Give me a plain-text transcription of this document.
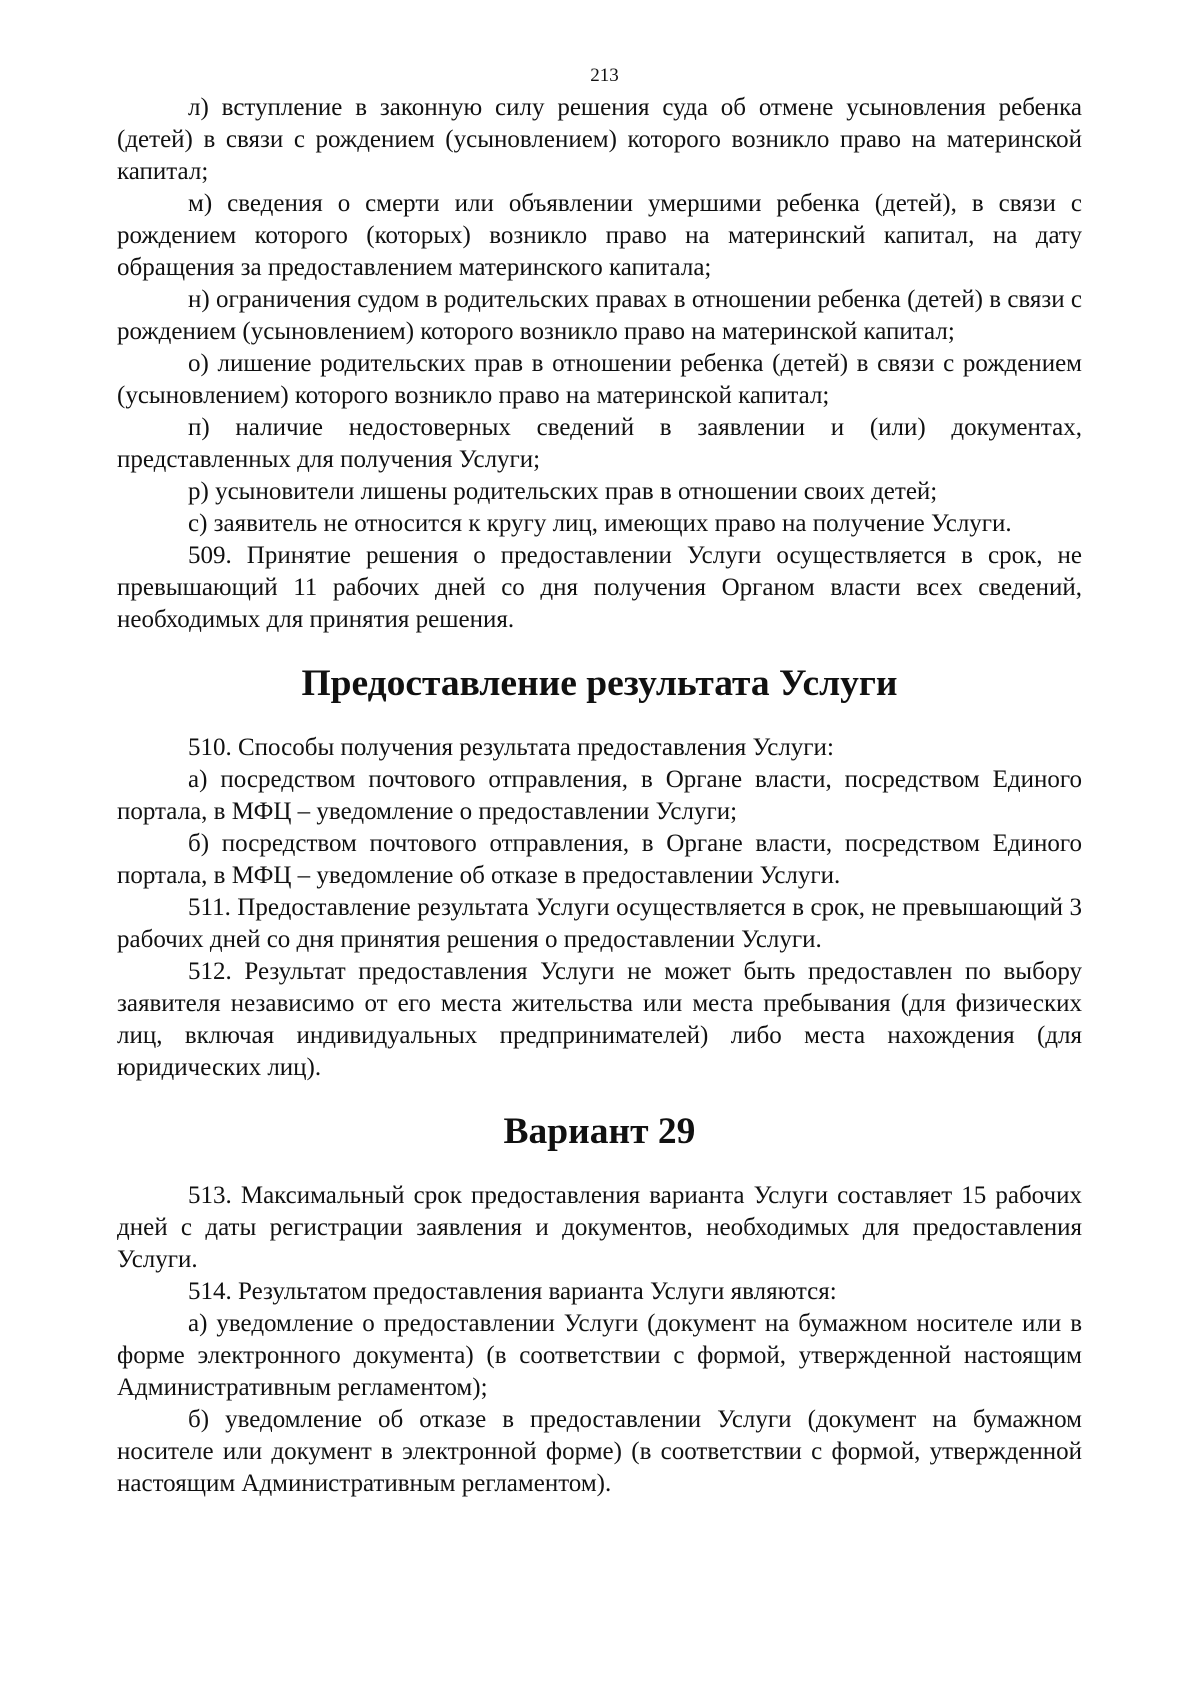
213

л) вступление в законную силу решения суда об отмене усыновления ребенка (детей) в связи с рождением (усыновлением) которого возникло право на материнской капитал;

м) сведения о смерти или объявлении умершими ребенка (детей), в связи с рождением которого (которых) возникло право на материнский капитал, на дату обращения за предоставлением материнского капитала;

н) ограничения судом в родительских правах в отношении ребенка (детей) в связи с рождением (усыновлением) которого возникло право на материнской капитал;

о) лишение родительских прав в отношении ребенка (детей) в связи с рождением (усыновлением) которого возникло право на материнской капитал;

п) наличие недостоверных сведений в заявлении и (или) документах, представленных для получения Услуги;

р) усыновители лишены родительских прав в отношении своих детей;

с) заявитель не относится к кругу лиц, имеющих право на получение Услуги.

509. Принятие решения о предоставлении Услуги осуществляется в срок, не превышающий 11 рабочих дней со дня получения Органом власти всех сведений, необходимых для принятия решения.

Предоставление результата Услуги

510. Способы получения результата предоставления Услуги:

а) посредством почтового отправления, в Органе власти, посредством Единого портала, в МФЦ – уведомление о предоставлении Услуги;

б) посредством почтового отправления, в Органе власти, посредством Единого портала, в МФЦ – уведомление об отказе в предоставлении Услуги.

511. Предоставление результата Услуги осуществляется в срок, не превышающий 3 рабочих дней со дня принятия решения о предоставлении Услуги.

512. Результат предоставления Услуги не может быть предоставлен по выбору заявителя независимо от его места жительства или места пребывания (для физических лиц, включая индивидуальных предпринимателей) либо места нахождения (для юридических лиц).

Вариант 29

513. Максимальный срок предоставления варианта Услуги составляет 15 рабочих дней с даты регистрации заявления и документов, необходимых для предоставления Услуги.

514. Результатом предоставления варианта Услуги являются:

а) уведомление о предоставлении Услуги (документ на бумажном носителе или в форме электронного документа) (в соответствии с формой, утвержденной настоящим Административным регламентом);

б) уведомление об отказе в предоставлении Услуги (документ на бумажном носителе или документ в электронной форме) (в соответствии с формой, утвержденной настоящим Административным регламентом).
